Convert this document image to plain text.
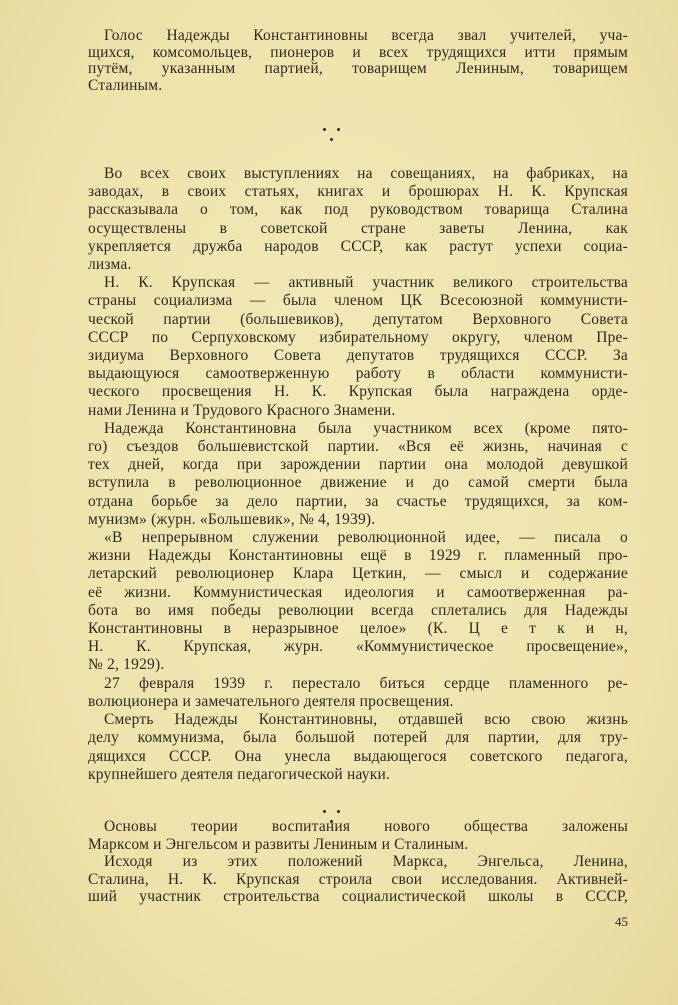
Голос Надежды Константиновны всегда звал учителей, уча-
щихся, комсомольцев, пионеров и всех трудящихся итти прямым
путём, указанным партией, товарищем Лениным, товарищем
Сталиным.
Во всех своих выступлениях на совещаниях, на фабриках, на
заводах, в своих статьях, книгах и брошюрах Н. К. Крупская
рассказывала о том, как под руководством товарища Сталина
осуществлены в советской стране заветы Ленина, как
укрепляется дружба народов СССР, как растут успехи социа-
лизма.
Н. К. Крупская — активный участник великого строительства
страны социализма — была членом ЦК Всесоюзной коммунисти-
ческой партии (большевиков), депутатом Верховного Совета
СССР по Серпуховскому избирательному округу, членом Пре-
зидиума Верховного Совета депутатов трудящихся СССР. За
выдающуюся самоотверженную работу в области коммунисти-
ческого просвещения Н. К. Крупская была награждена орде-
нами Ленина и Трудового Красного Знамени.
Надежда Константиновна была участником всех (кроме пято-
го) съездов большевистской партии. «Вся её жизнь, начиная с
тех дней, когда при зарождении партии она молодой девушкой
вступила в революционное движение и до самой смерти была
отдана борьбе за дело партии, за счастье трудящихся, за ком-
мунизм» (журн. «Большевик», № 4, 1939).
«В непрерывном служении революционной идее, — писала о
жизни Надежды Константиновны ещё в 1929 г. пламенный про-
летарский революционер Клара Цеткин, — смысл и содержание
её жизни. Коммунистическая идеология и самоотверженная ра-
бота во имя победы революции всегда сплетались для Надежды
Константиновны в неразрывное целое» (К. Ц е т к и н,
Н. К. Крупская, журн. «Коммунистическое просвещение»,
№ 2, 1929).
27 февраля 1939 г. перестало биться сердце пламенного ре-
волюционера и замечательного деятеля просвещения.
Смерть Надежды Константиновны, отдавшей всю свою жизнь
делу коммунизма, была большой потерей для партии, для тру-
дящихся СССР. Она унесла выдающегося советского педагога,
крупнейшего деятеля педагогической науки.
Основы теории воспитания нового общества заложены
Марксом и Энгельсом и развиты Лениным и Сталиным.
Исходя из этих положений Маркса, Энгельса, Ленина,
Сталина, Н. К. Крупская строила свои исследования. Активней-
ший участник строительства социалистической школы в СССР,
45
